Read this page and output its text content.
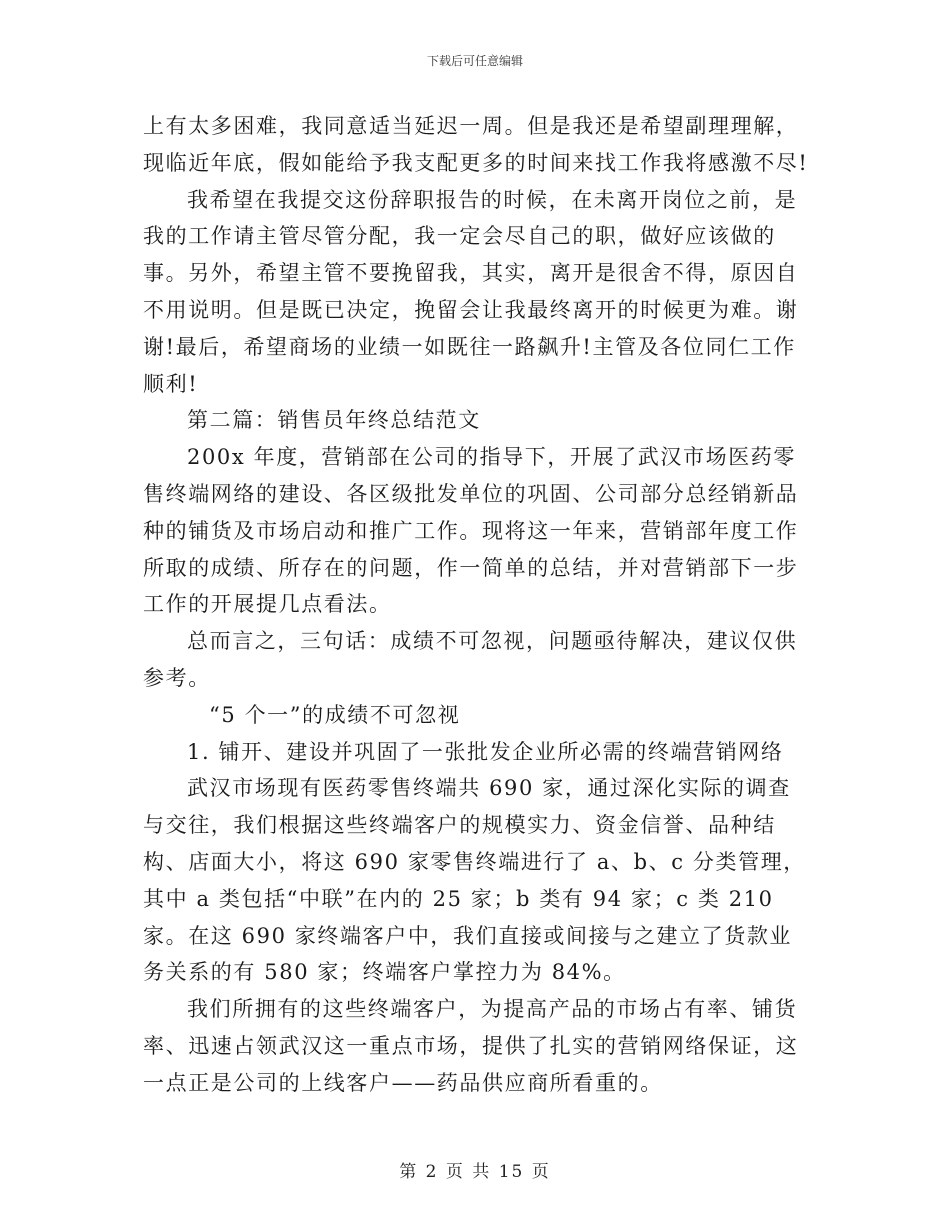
下载后可任意编辑

上有太多困难，我同意适当延迟一周。但是我还是希望副理理解，现临近年底，假如能给予我支配更多的时间来找工作我将感激不尽!

我希望在我提交这份辞职报告的时候，在未离开岗位之前，是我的工作请主管尽管分配，我一定会尽自己的职，做好应该做的事。另外，希望主管不要挽留我，其实，离开是很舍不得，原因自不用说明。但是既已决定，挽留会让我最终离开的时候更为难。谢谢!最后，希望商场的业绩一如既往一路飙升!主管及各位同仁工作顺利!

第二篇：销售员年终总结范文

200x 年度，营销部在公司的指导下，开展了武汉市场医药零售终端网络的建设、各区级批发单位的巩固、公司部分总经销新品种的铺货及市场启动和推广工作。现将这一年来，营销部年度工作所取的成绩、所存在的问题，作一简单的总结，并对营销部下一步工作的开展提几点看法。

总而言之，三句话：成绩不可忽视，问题亟待解决，建议仅供参考。

“5 个一”的成绩不可忽视

1. 铺开、建设并巩固了一张批发企业所必需的终端营销网络

武汉市场现有医药零售终端共 690 家，通过深化实际的调查与交往，我们根据这些终端客户的规模实力、资金信誉、品种结构、店面大小，将这 690 家零售终端进行了 a、b、c 分类管理，其中 a 类包括“中联”在内的 25 家；b 类有 94 家；c 类 210 家。在这 690 家终端客户中，我们直接或间接与之建立了货款业务关系的有 580 家；终端客户掌控力为 84%。

我们所拥有的这些终端客户，为提高产品的市场占有率、铺货率、迅速占领武汉这一重点市场，提供了扎实的营销网络保证，这一点正是公司的上线客户——药品供应商所看重的。

第 2 页 共 15 页
